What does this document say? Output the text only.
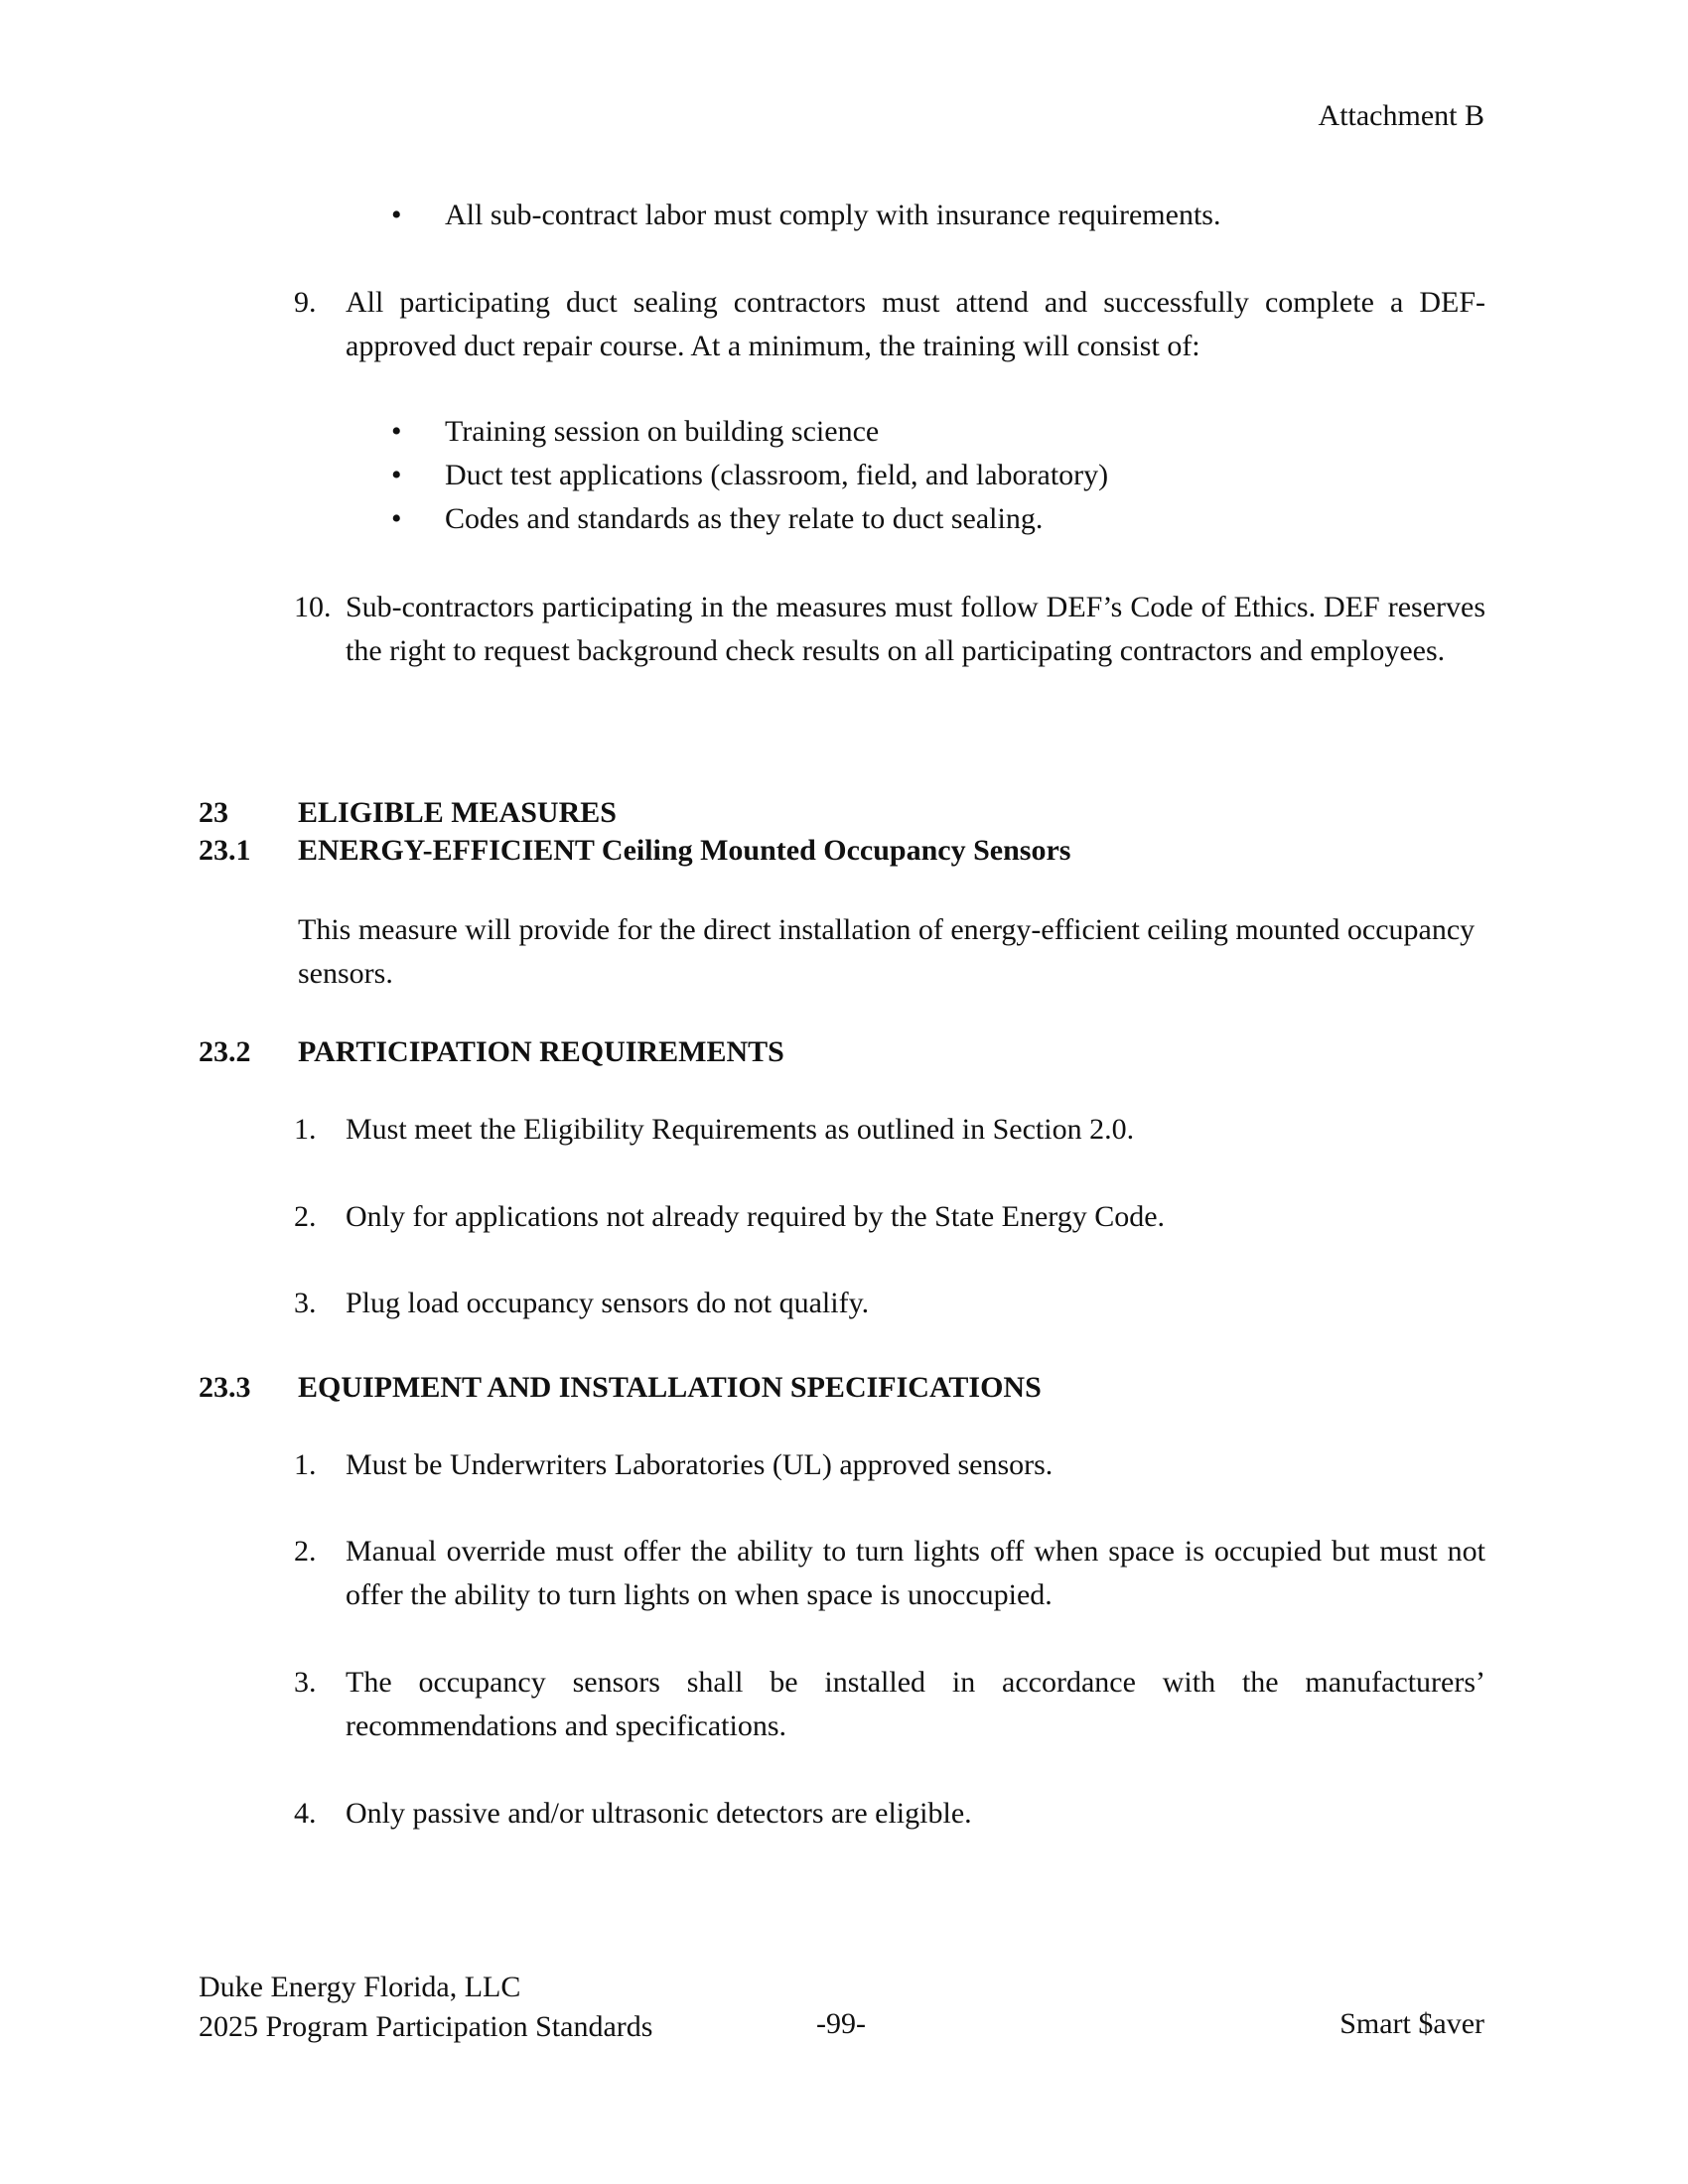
Attachment B
• All sub-contract labor must comply with insurance requirements.
9. All participating duct sealing contractors must attend and successfully complete a DEF-approved duct repair course. At a minimum, the training will consist of:
• Training session on building science
• Duct test applications (classroom, field, and laboratory)
• Codes and standards as they relate to duct sealing.
10. Sub-contractors participating in the measures must follow DEF’s Code of Ethics. DEF reserves the right to request background check results on all participating contractors and employees.
23 ELIGIBLE MEASURES
23.1 ENERGY-EFFICIENT Ceiling Mounted Occupancy Sensors
This measure will provide for the direct installation of energy-efficient ceiling mounted occupancy sensors.
23.2 PARTICIPATION REQUIREMENTS
1. Must meet the Eligibility Requirements as outlined in Section 2.0.
2. Only for applications not already required by the State Energy Code.
3. Plug load occupancy sensors do not qualify.
23.3 EQUIPMENT AND INSTALLATION SPECIFICATIONS
1. Must be Underwriters Laboratories (UL) approved sensors.
2. Manual override must offer the ability to turn lights off when space is occupied but must not offer the ability to turn lights on when space is unoccupied.
3. The occupancy sensors shall be installed in accordance with the manufacturers’ recommendations and specifications.
4. Only passive and/or ultrasonic detectors are eligible.
Duke Energy Florida, LLC
2025 Program Participation Standards	-99-	Smart $aver
